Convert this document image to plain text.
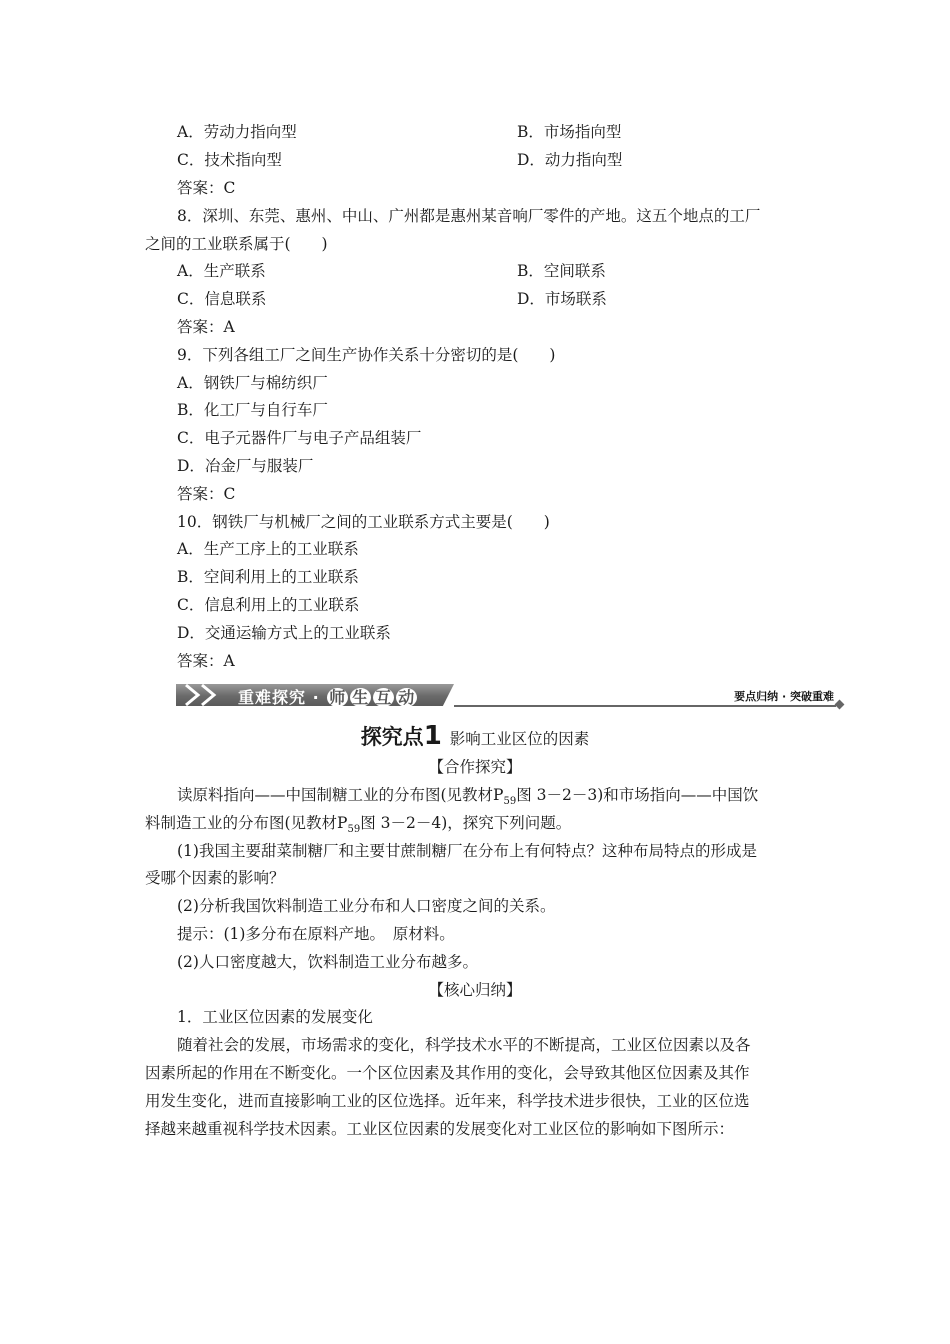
A．劳动力指向型	B．市场指向型
C．技术指向型	D．动力指向型
答案：C
8．深圳、东莞、惠州、中山、广州都是惠州某音响厂零件的产地。这五个地点的工厂
之间的工业联系属于(　　)
A．生产联系	B．空间联系
C．信息联系	D．市场联系
答案：A
9．下列各组工厂之间生产协作关系十分密切的是(　　)
A．钢铁厂与棉纺织厂
B．化工厂与自行车厂
C．电子元器件厂与电子产品组装厂
D．冶金厂与服装厂
答案：C
10．钢铁厂与机械厂之间的工业联系方式主要是(　　)
A．生产工序上的工业联系
B．空间利用上的工业联系
C．信息利用上的工业联系
D．交通运输方式上的工业联系
答案：A
重难探究 · 师 生 互 动	要点归纳 · 突破重难
探究点1 影响工业区位的因素
【合作探究】
读原料指向——中国制糖工业的分布图(见教材$P_{59}$图 3－2－3)和市场指向——中国饮
料制造工业的分布图(见教材$P_{59}$图 3－2－4)，探究下列问题。
(1)我国主要甜菜制糖厂和主要甘蔗制糖厂在分布上有何特点？这种布局特点的形成是
受哪个因素的影响？
(2)分析我国饮料制造工业分布和人口密度之间的关系。
提示：(1)多分布在原料产地。　原材料。
(2)人口密度越大，饮料制造工业分布越多。
【核心归纳】
1．工业区位因素的发展变化
随着社会的发展，市场需求的变化，科学技术水平的不断提高，工业区位因素以及各
因素所起的作用在不断变化。一个区位因素及其作用的变化，会导致其他区位因素及其作
用发生变化，进而直接影响工业的区位选择。近年来，科学技术进步很快，工业的区位选
择越来越重视科学技术因素。工业区位因素的发展变化对工业区位的影响如下图所示：
